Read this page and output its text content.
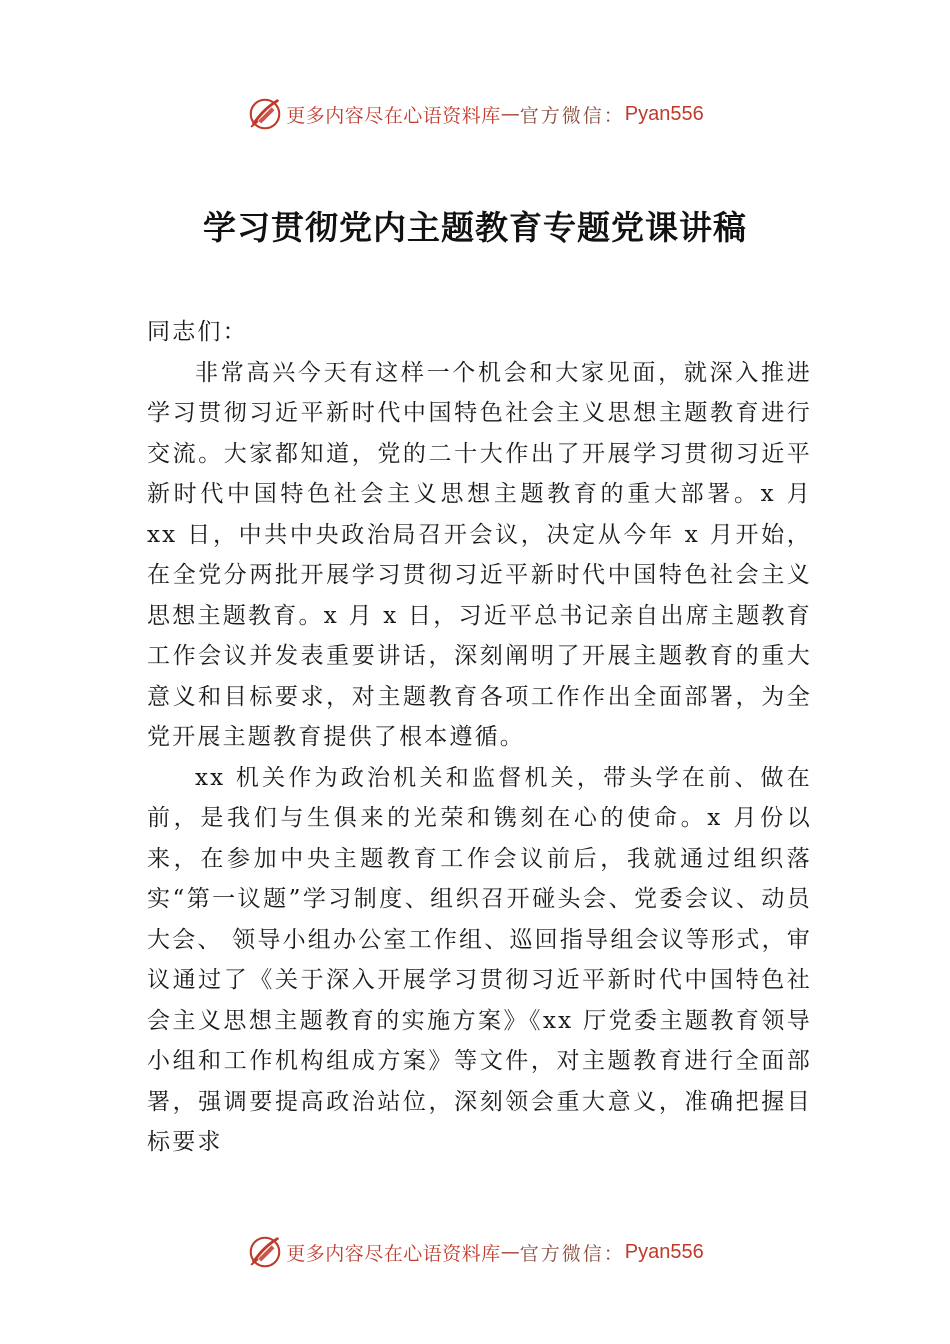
更多内容尽在心语资料库 — 官方微信： Pyan556
学习贯彻党内主题教育专题党课讲稿

同志们：

非常高兴今天有这样一个机会和大家见面，就深入推进学习贯彻习近平新时代中国特色社会主义思想主题教育进行交流。大家都知道，党的二十大作出了开展学习贯彻习近平新时代中国特色社会主义思想主题教育的重大部署。x 月 xx 日，中共中央政治局召开会议，决定从今年 x 月开始，在全党分两批开展学习贯彻习近平新时代中国特色社会主义思想主题教育。x 月 x 日，习近平总书记亲自出席主题教育工作会议并发表重要讲话，深刻阐明了开展主题教育的重大意义和目标要求，对主题教育各项工作作出全面部署，为全党开展主题教育提供了根本遵循。

xx 机关作为政治机关和监督机关，带头学在前、做在前，是我们与生俱来的光荣和镌刻在心的使命。x 月份以来，在参加中央主题教育工作会议前后，我就通过组织落实“第一议题”学习制度、组织召开碰头会、党委会议、动员大会、 领导小组办公室工作组、巡回指导组会议等形式，审议通过了《关于深入开展学习贯彻习近平新时代中国特色社会主义思想主题教育的实施方案》《xx 厅党委主题教育领导小组和工作机构组成方案》等文件，对主题教育进行全面部署，强调要提高政治站位，深刻领会重大意义，准确把握目标要求

更多内容尽在心语资料库 — 官方微信： Pyan556
